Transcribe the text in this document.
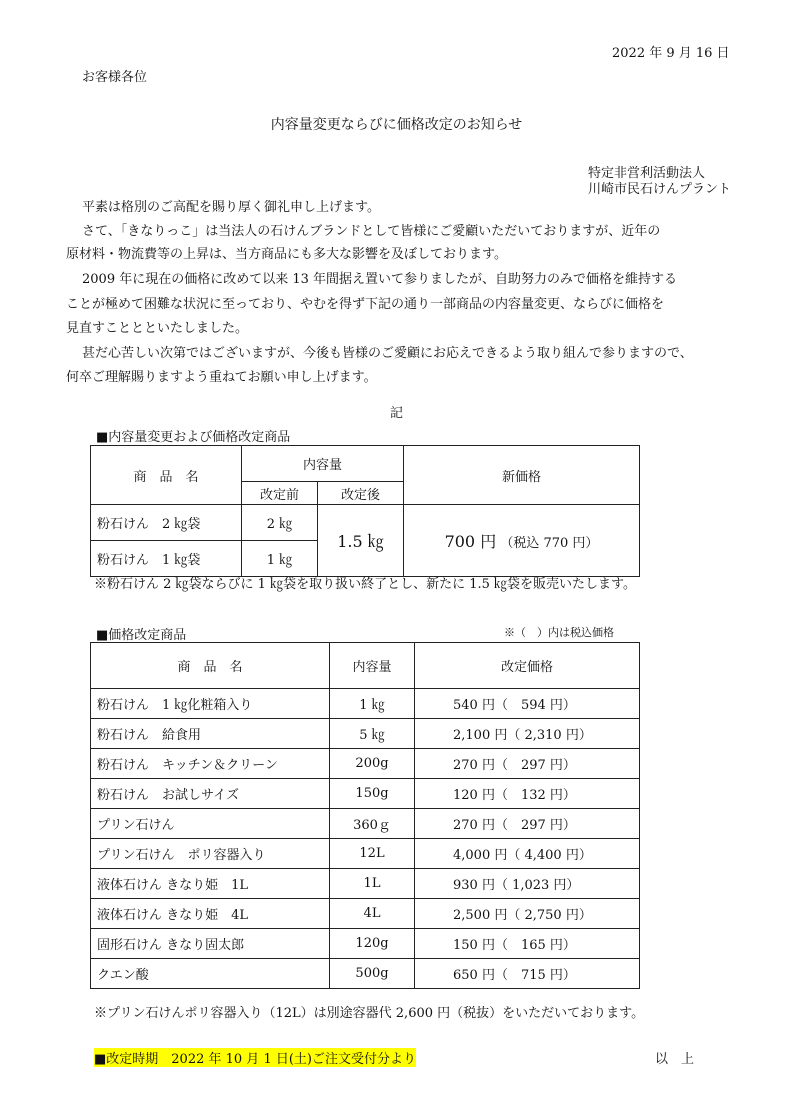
2022 年 9 月 16 日
お客様各位
内容量変更ならびに価格改定のお知らせ
特定非営利活動法人
川崎市民石けんプラント
平素は格別のご高配を賜り厚く御礼申し上げます。
さて、「きなりっこ」は当法人の石けんブランドとして皆様にご愛顧いただいておりますが、近年の
原材料・物流費等の上昇は、当方商品にも多大な影響を及ぼしております。
2009 年に現在の価格に改めて以来 13 年間据え置いて参りましたが、自助努力のみで価格を維持する
ことが極めて困難な状況に至っており、やむを得ず下記の通り一部商品の内容量変更、ならびに価格を
見直すこととといたしました。
甚だ心苦しい次第ではございますが、今後も皆様のご愛顧にお応えできるよう取り組んで参りますので、
何卒ご理解賜りますよう重ねてお願い申し上げます。
記
■内容量変更および価格改定商品
商　品　名	内容量		新価格
	改定前	改定後	
粉石けん　2 ㎏袋	2 ㎏	1.5 ㎏	700 円 （税込 770 円）
粉石けん　1 ㎏袋	1 ㎏		
※粉石けん 2 ㎏袋ならびに 1 ㎏袋を取り扱い終了とし、新たに 1.5 ㎏袋を販売いたします。
■価格改定商品	※（　）内は税込価格
商　品　名	内容量	改定価格
粉石けん　1 ㎏化粧箱入り	1 ㎏	540 円（　594 円）
粉石けん　給食用	5 ㎏	2,100 円（ 2,310 円）
粉石けん　キッチン＆クリーン	200g	270 円（　297 円）
粉石けん　お試しサイズ	150g	120 円（　132 円）
プリン石けん	360ｇ	270 円（　297 円）
プリン石けん　ポリ容器入り	12L	4,000 円（ 4,400 円）
液体石けん きなり姫　1L	1L	930 円（ 1,023 円）
液体石けん きなり姫　4L	4L	2,500 円（ 2,750 円）
固形石けん きなり固太郎	120g	150 円（　165 円）
クエン酸	500g	650 円（　715 円）
※プリン石けんポリ容器入り（12L）は別途容器代 2,600 円（税抜）をいただいております。
■改定時期　2022 年 10 月 1 日(土)ご注文受付分より	以　上
